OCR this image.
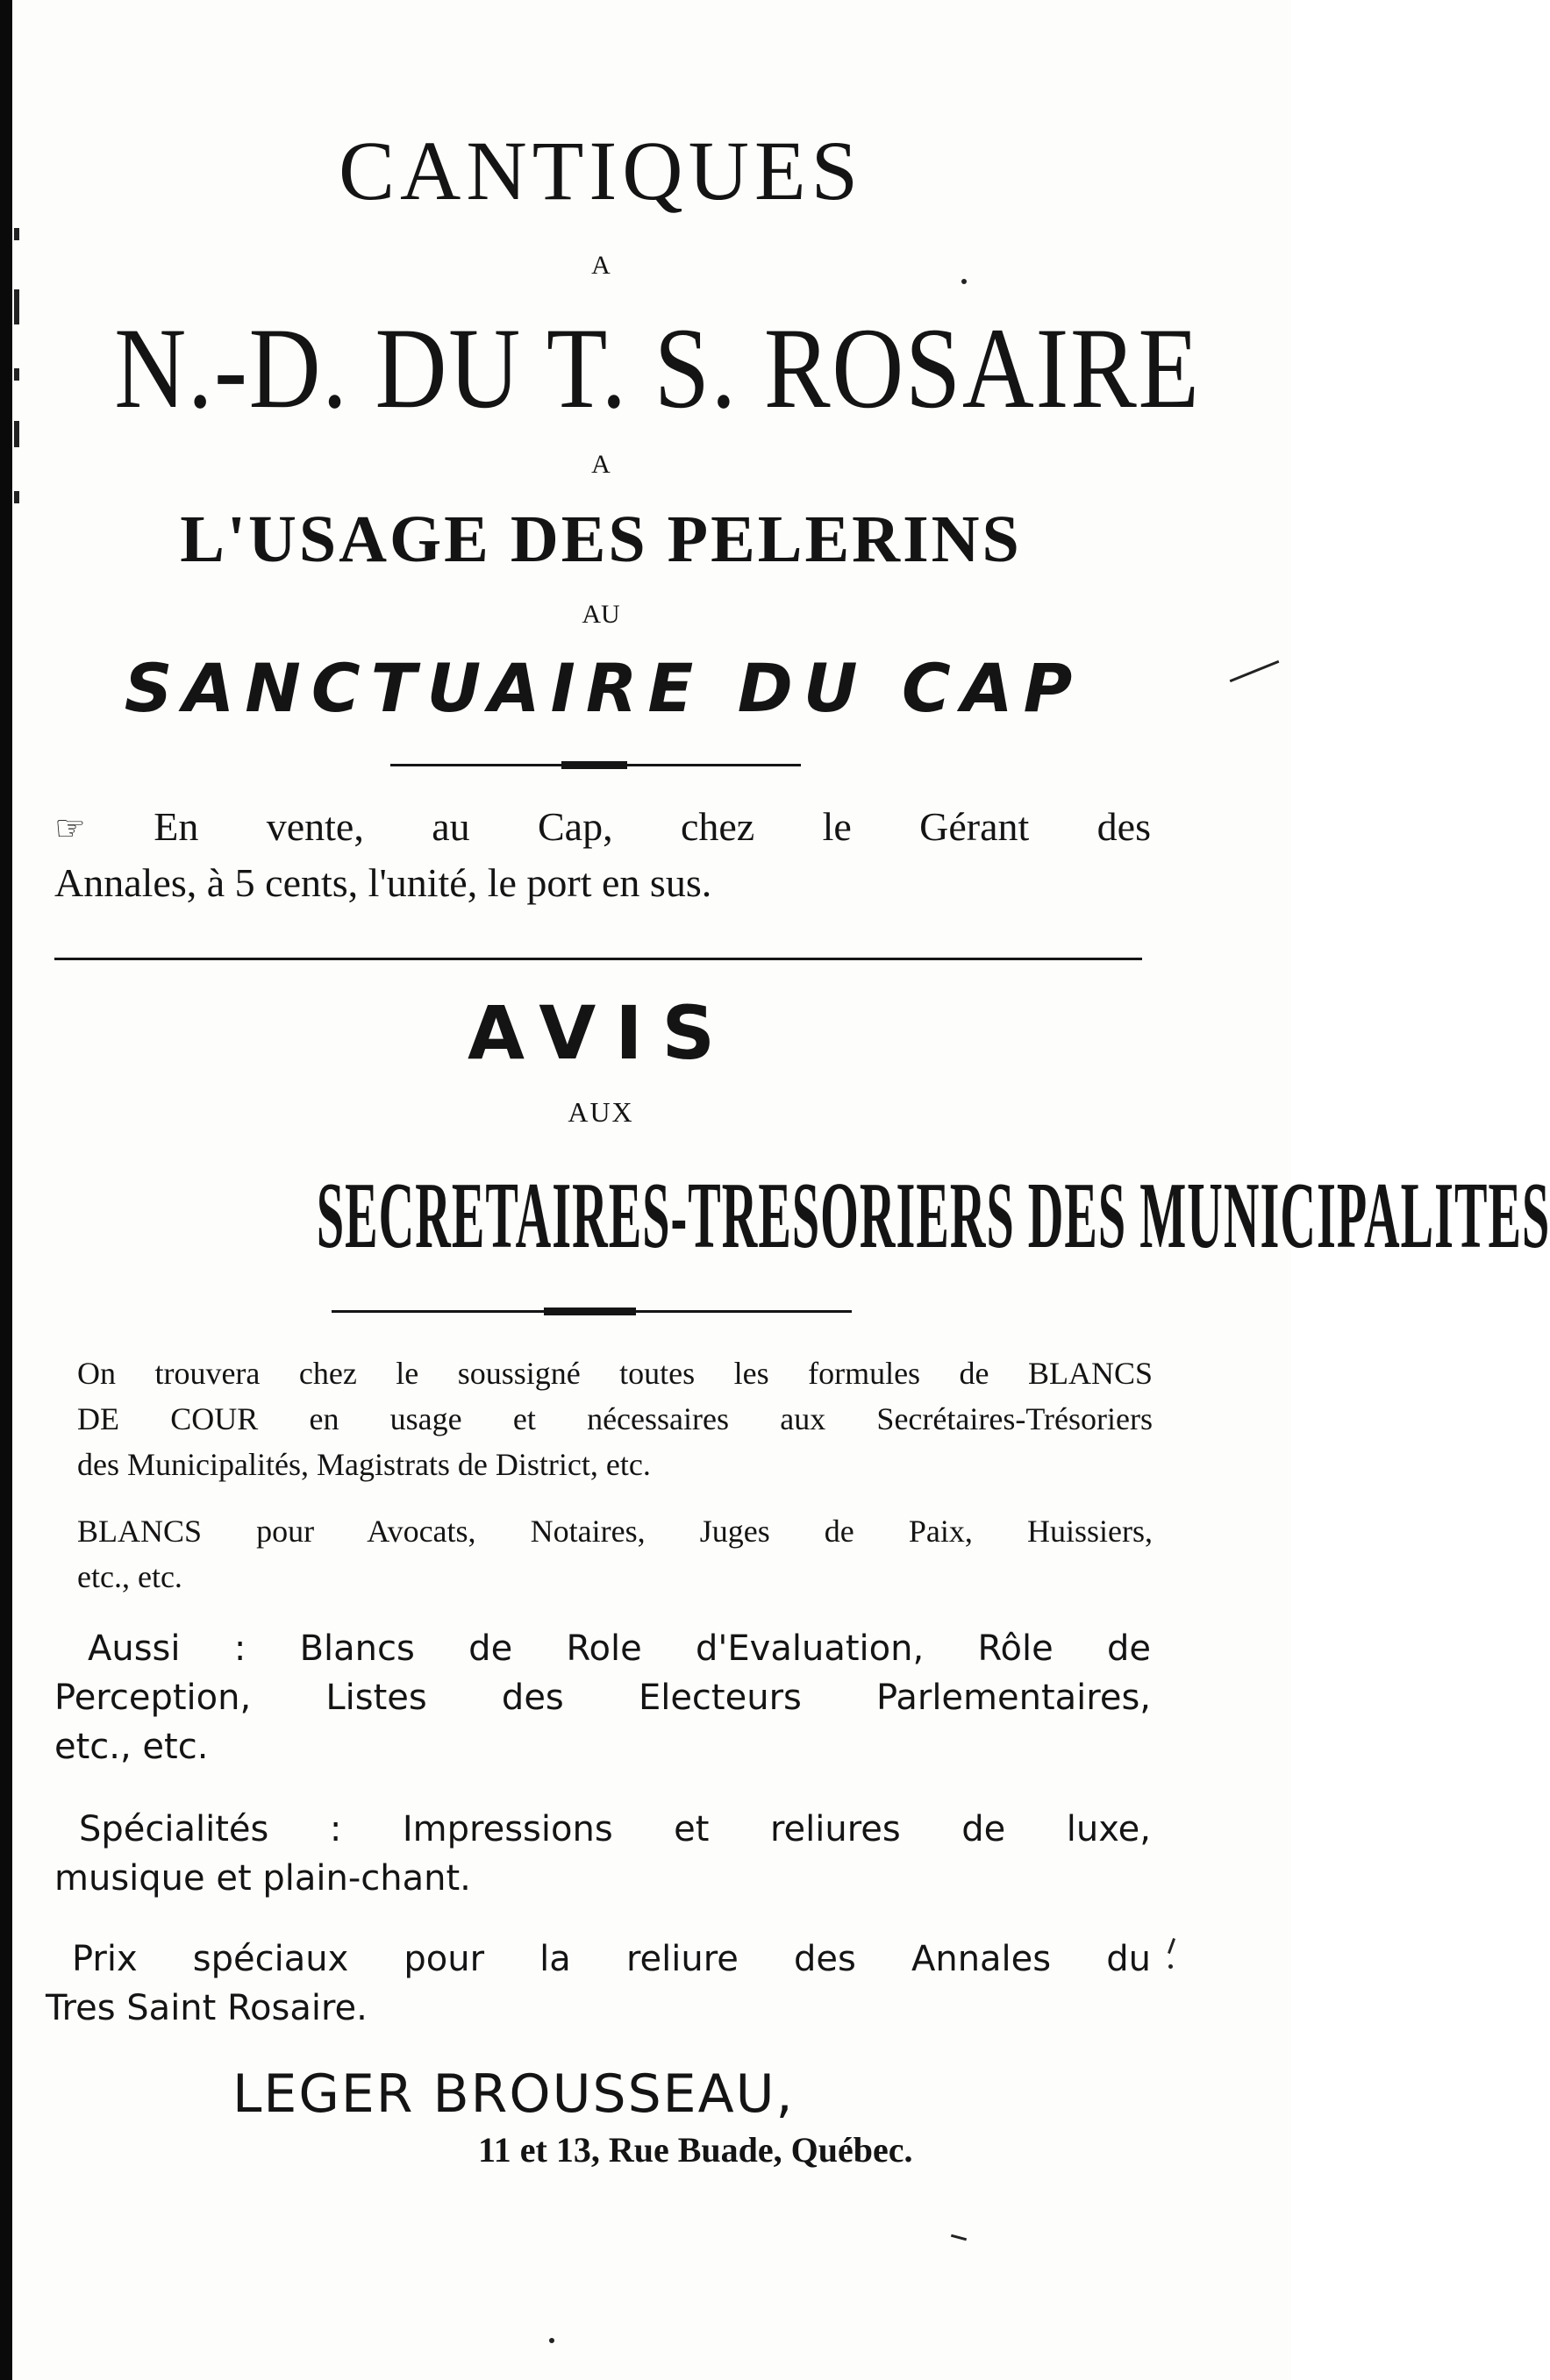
CANTIQUES
A
N.-D. DU T. S. ROSAIRE
A
L'USAGE DES PELERINS
AU
SANCTUAIRE DU CAP
☞ En vente, au Cap, chez le Gérant des
Annales, à 5 cents, l'unité, le port en sus.
AVIS
AUX
SECRETAIRES-TRESORIERS DES MUNICIPALITES
On trouvera chez le soussigné toutes les formules de BLANCS
DE COUR en usage et nécessaires aux Secrétaires-Trésoriers
des Municipalités, Magistrats de District, etc.
BLANCS pour Avocats, Notaires, Juges de Paix, Huissiers,
etc., etc.
Aussi : Blancs de Role d'Evaluation, Rôle de
Perception, Listes des Electeurs Parlementaires,
etc., etc.
Spécialités : Impressions et reliures de luxe,
musique et plain-chant.
Prix spéciaux pour la reliure des Annales du
Tres Saint Rosaire.
LEGER BROUSSEAU,
11 et 13, Rue Buade, Québec.
